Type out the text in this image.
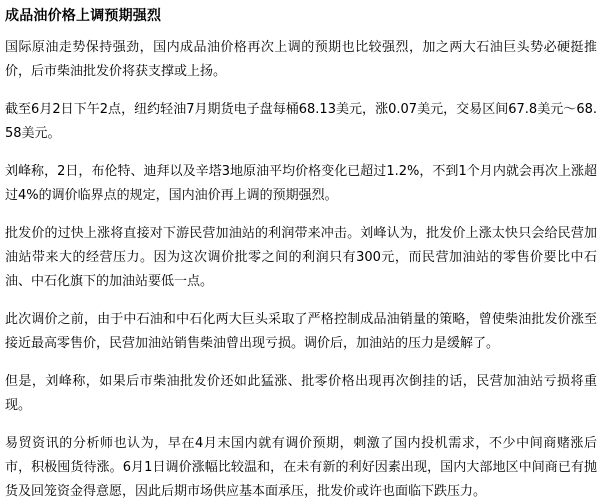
成品油价格上调预期强烈

国际原油走势保持强劲，国内成品油价格再次上调的预期也比较强烈，加之两大石油巨头势必硬挺推价，后市柴油批发价将获支撑或上扬。

截至6月2日下午2点，纽约轻油7月期货电子盘每桶68.13美元，涨0.07美元，交易区间67.8美元～68.58美元。

刘峰称，2日，布伦特、迪拜以及辛塔3地原油平均价格变化已超过1.2%，不到1个月内就会再次上涨超过4%的调价临界点的规定，国内油价再上调的预期强烈。

批发价的过快上涨将直接对下游民营加油站的利润带来冲击。刘峰认为，批发价上涨太快只会给民营加油站带来大的经营压力。因为这次调价批零之间的利润只有300元，而民营加油站的零售价要比中石油、中石化旗下的加油站要低一点。

此次调价之前，由于中石油和中石化两大巨头采取了严格控制成品油销量的策略，曾使柴油批发价涨至接近最高零售价，民营加油站销售柴油曾出现亏损。调价后，加油站的压力是缓解了。

但是，刘峰称，如果后市柴油批发价还如此猛涨、批零价格出现再次倒挂的话，民营加油站亏损将重现。

易贸资讯的分析师也认为，早在4月末国内就有调价预期，刺激了国内投机需求，不少中间商赌涨后市，积极囤货待涨。6月1日调价涨幅比较温和，在未有新的利好因素出现，国内大部地区中间商已有抛货及回笼资金得意愿，因此后期市场供应基本面承压，批发价或许也面临下跌压力。
